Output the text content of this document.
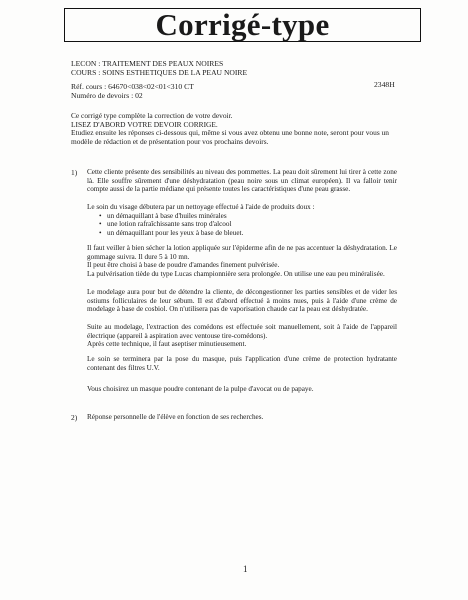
Corrigé-type
LECON : TRAITEMENT DES PEAUX NOIRES
COURS : SOINS ESTHETIQUES DE LA PEAU NOIRE
Réf. cours : 64670<038<02<01<310 CT
Numéro de devoirs : 02
2348H

Ce corrigé type complète la correction de votre devoir.

LISEZ D'ABORD VOTRE DEVOIR CORRIGE.

Etudiez ensuite les réponses ci-dessous qui, même si vous avez obtenu une bonne note, seront pour vous un modèle de rédaction et de présentation pour vos prochains devoirs.

1) Cette cliente présente des sensibilités au niveau des pommettes. La peau doit sûrement lui tirer à cette zone là. Elle souffre sûrement d'une déshydratation (peau noire sous un climat européen). Il va falloir tenir compte aussi de la partie médiane qui présente toutes les caractéristiques d'une peau grasse.

Le soin du visage débutera par un nettoyage effectué à l'aide de produits doux :

• un démaquillant à base d'huiles minérales
• une lotion rafraîchissante sans trop d'alcool
• un démaquillant pour les yeux à base de bleuet.

Il faut veiller à bien sécher la lotion appliquée sur l'épiderme afin de ne pas accentuer la déshydratation. Le gommage suivra. Il dure 5 à 10 mn.

Il peut être choisi à base de poudre d'amandes finement pulvérisée.

La pulvérisation tiède du type Lucas championnière sera prolongée. On utilise une eau peu minéralisée.

Le modelage aura pour but de détendre la cliente, de décongestionner les parties sensibles et de vider les ostiums folliculaires de leur sébum. Il est d'abord effectué à moins nues, puis à l'aide d'une crème de modelage à base de cosbiol. On n'utilisera pas de vaporisation chaude car la peau est déshydratée.

Suite au modelage, l'extraction des comédons est effectuée soit manuellement, soit à l'aide de l'appareil électrique (appareil à aspiration avec ventouse tire-comédons).

Après cette technique, il faut aseptiser minutieusement.

Le soin se terminera par la pose du masque, puis l'application d'une crème de protection hydratante contenant des filtres U.V.

Vous choisirez un masque poudre contenant de la pulpe d'avocat ou de papaye.

2) Réponse personnelle de l'élève en fonction de ses recherches.

1
